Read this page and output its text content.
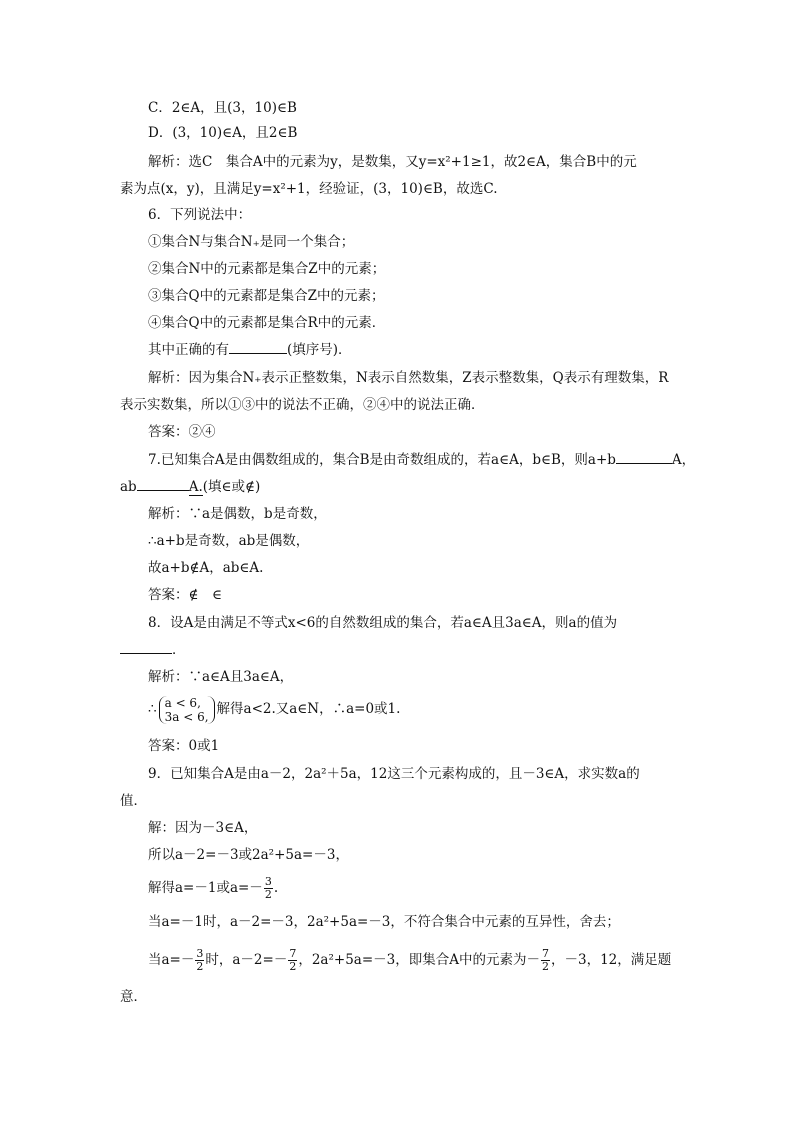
C．2∈A，且(3，10)∈B
D．(3，10)∈A，且2∈B
解析：选C　集合A中的元素为y，是数集，又y=x²+1≥1，故2∈A，集合B中的元
素为点(x，y)，且满足y=x²+1，经验证，(3，10)∈B，故选C.
6．下列说法中：
①集合N与集合N₊是同一个集合；
②集合N中的元素都是集合Z中的元素；
③集合Q中的元素都是集合Z中的元素；
④集合Q中的元素都是集合R中的元素．
其中正确的有	(填序号)．
解析：因为集合N₊表示正整数集，N表示自然数集，Z表示整数集，Q表示有理数集，R
表示实数集，所以①③中的说法不正确，②④中的说法正确．
答案：②④
7.已知集合A是由偶数组成的，集合B是由奇数组成的，若a∈A，b∈B，则a+b	A，
ab	A.(填∈或∉)
解析：∵a是偶数，b是奇数，
∴a+b是奇数，ab是偶数，
故a+b∉A，ab∈A.
答案：∉　∈
8．设A是由满足不等式x<6的自然数组成的集合，若a∈A且3a∈A，则a的值为
．
解析：∵a∈A且3a∈A，
∴ a < 6,
3a < 6, 解得a<2.又a∈N，∴a=0或1.
答案：0或1
9．已知集合A是由a－2，2a²＋5a，12这三个元素构成的，且－3∈A，求实数a的
值．
解：因为－3∈A，
所以a－2=－3或2a²+5a=－3，
解得a=－1或$a=- \frac{3}{2}$ .
当a=－1时，a－2=－3，2a²+5a=－3，不符合集合中元素的互异性，舍去；
当$a=- \frac{3}{2}$ 时，$a-2=- \frac{7}{2}$ ，2a²+5a=－3，即集合A中的元素为－ $\frac{7}{2}$ ，－3，12，满足题
意．
